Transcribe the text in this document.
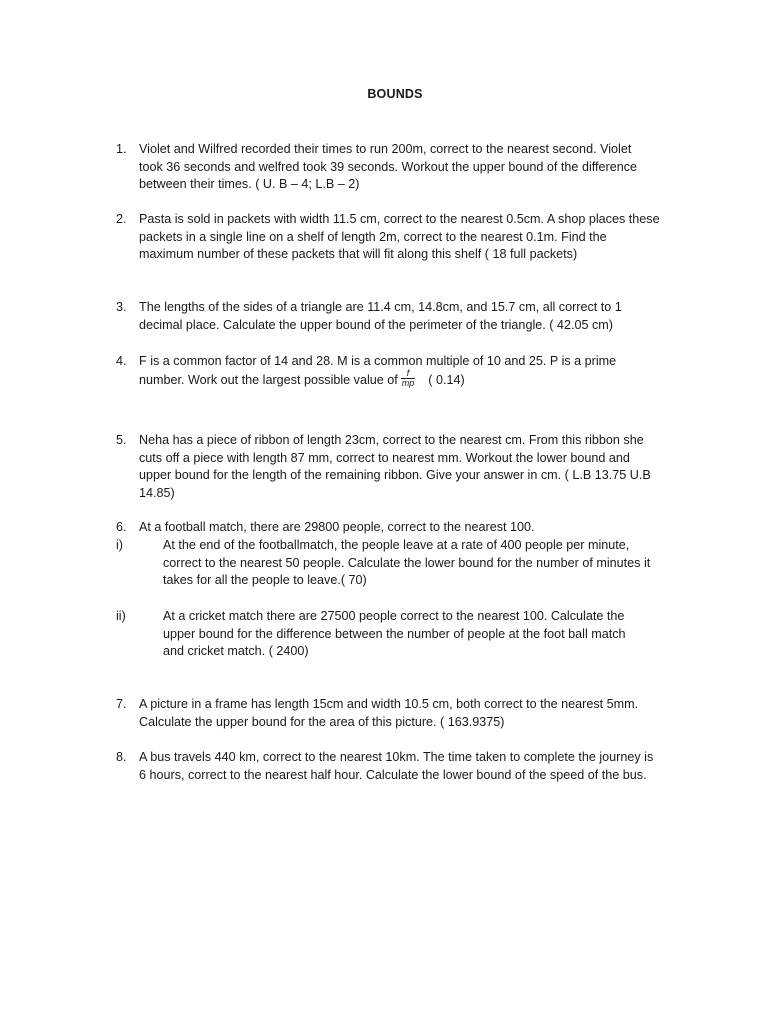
BOUNDS
1. Violet and Wilfred recorded their times to run 200m, correct to the nearest second. Violet
took 36 seconds and welfred took 39 seconds. Workout the upper bound of the difference
between their times. ( U. B – 4; L.B – 2)
2. Pasta is sold in packets with width 11.5 cm, correct to the nearest 0.5cm. A shop places these
packets in a single line on a shelf of length 2m, correct to the nearest 0.1m. Find the
maximum number of these packets that will fit along this shelf ( 18 full packets)
3. The lengths of the sides of a triangle are 11.4 cm, 14.8cm, and 15.7 cm, all correct to 1
decimal place. Calculate the upper bound of the perimeter of the triangle. ( 42.05 cm)
4. F is a common factor of 14 and 28. M is a common multiple of 10 and 25. P is a prime
number. Work out the largest possible value of $\frac{f}{mp}$ ( 0.14)
5. Neha has a piece of ribbon of length 23cm, correct to the nearest cm. From this ribbon she
cuts off a piece with length 87 mm, correct to nearest mm. Workout the lower bound and
upper bound for the length of the remaining ribbon. Give your answer in cm. ( L.B 13.75 U.B
14.85)
6. At a football match, there are 29800 people, correct to the nearest 100.
i)	At the end of the footballmatch, the people leave at a rate of 400 people per minute,
correct to the nearest 50 people. Calculate the lower bound for the number of minutes it
takes for all the people to leave.( 70)
ii)	At a cricket match there are 27500 people correct to the nearest 100. Calculate the
upper bound for the difference between the number of people at the foot ball match
and cricket match. ( 2400)
7. A picture in a frame has length 15cm and width 10.5 cm, both correct to the nearest 5mm.
Calculate the upper bound for the area of this picture. ( 163.9375)
8. A bus travels 440 km, correct to the nearest 10km. The time taken to complete the journey is
6 hours, correct to the nearest half hour. Calculate the lower bound of the speed of the bus.
